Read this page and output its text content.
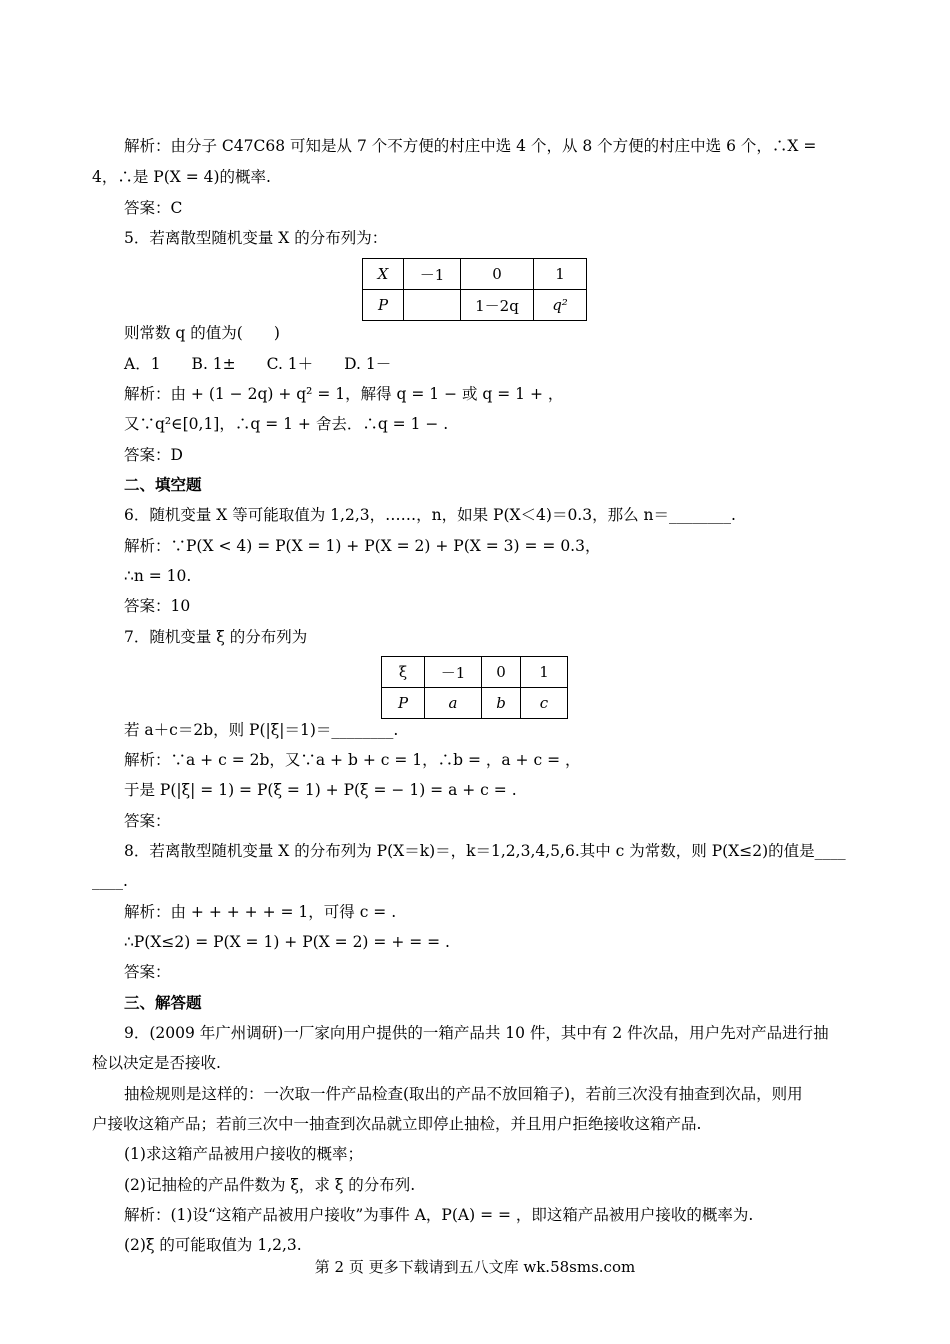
解析：由分子 C47C68 可知是从 7 个不方便的村庄中选 4 个，从 8 个方便的村庄中选 6 个，∴X =
4，∴是 P(X = 4)的概率.
答案：C
5．若离散型随机变量 X 的分布列为：
X	－1	0	1
P		1－2q	q²
则常数 q 的值为(　　)
A．1　　B. 1±　　C. 1＋　　D. 1－
解析：由 + (1 − 2q) + q² = 1，解得 q = 1 − 或 q = 1 + ，
又∵q²∈[0,1]，∴q = 1 + 舍去．∴q = 1 − .
答案：D
二、填空题
6．随机变量 X 等可能取值为 1,2,3，……，n，如果 P(X＜4)＝0.3，那么 n＝________.
解析：∵P(X < 4) = P(X = 1) + P(X = 2) + P(X = 3) = = 0.3，
∴n = 10.
答案：10
7．随机变量 ξ 的分布列为
ξ	－1	0	1
P	a	b	c
若 a＋c＝2b，则 P(|ξ|＝1)＝________.
解析：∵a + c = 2b，又∵a + b + c = 1，∴b = ，a + c = ，
于是 P(|ξ| = 1) = P(ξ = 1) + P(ξ = − 1) = a + c = .
答案：
8．若离散型随机变量 X 的分布列为 P(X＝k)＝，k＝1,2,3,4,5,6.其中 c 为常数，则 P(X≤2)的值是____
____.
解析：由 + + + + + = 1，可得 c = .
∴P(X≤2) = P(X = 1) + P(X = 2) = + = = .
答案：
三、解答题
9．(2009 年广州调研)一厂家向用户提供的一箱产品共 10 件，其中有 2 件次品，用户先对产品进行抽
检以决定是否接收.
抽检规则是这样的：一次取一件产品检查(取出的产品不放回箱子)，若前三次没有抽查到次品，则用
户接收这箱产品；若前三次中一抽查到次品就立即停止抽检，并且用户拒绝接收这箱产品.
(1)求这箱产品被用户接收的概率；
(2)记抽检的产品件数为 ξ，求 ξ 的分布列.
解析：(1)设“这箱产品被用户接收”为事件 A，P(A) = = ，即这箱产品被用户接收的概率为.
(2)ξ 的可能取值为 1,2,3.
第 2 页 更多下载请到五八文库 wk.58sms.com
